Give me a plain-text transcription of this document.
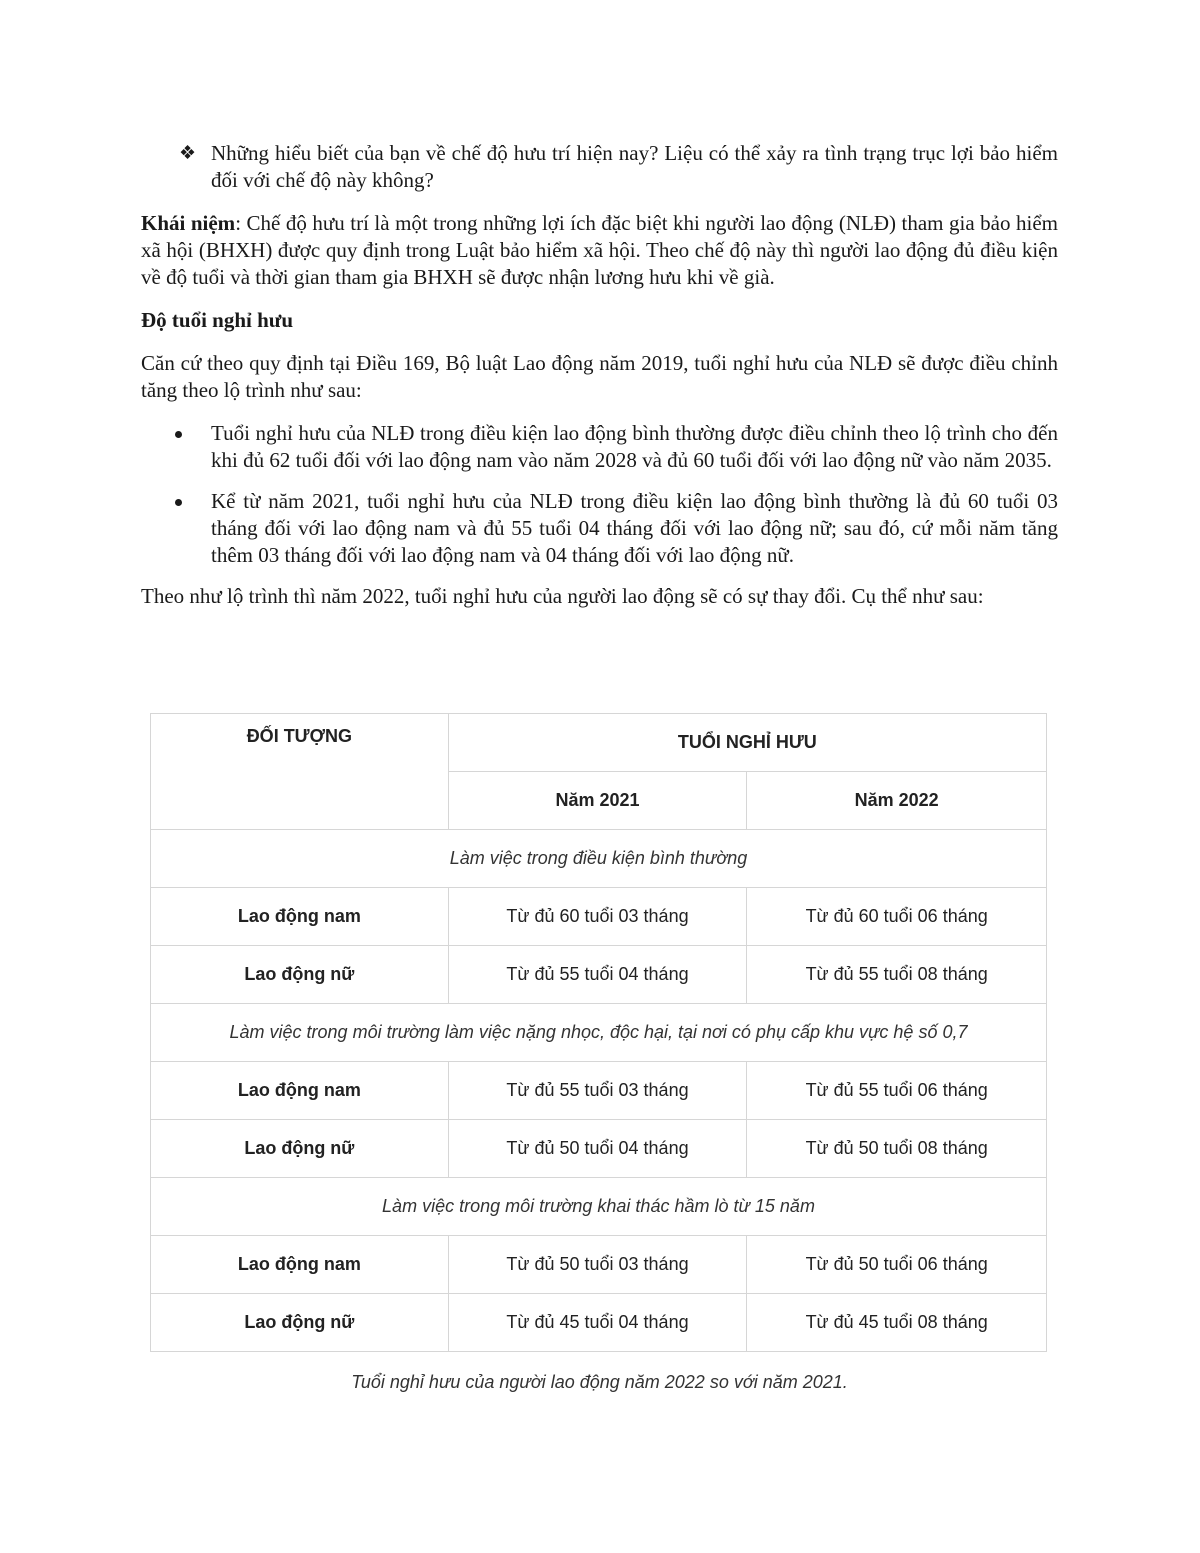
❖ Những hiểu biết của bạn về chế độ hưu trí hiện nay? Liệu có thể xảy ra tình trạng trục lợi bảo hiểm đối với chế độ này không?

Khái niệm: Chế độ hưu trí là một trong những lợi ích đặc biệt khi người lao động (NLĐ) tham gia bảo hiểm xã hội (BHXH) được quy định trong Luật bảo hiểm xã hội. Theo chế độ này thì người lao động đủ điều kiện về độ tuổi và thời gian tham gia BHXH sẽ được nhận lương hưu khi về già.

Độ tuổi nghỉ hưu

Căn cứ theo quy định tại Điều 169, Bộ luật Lao động năm 2019, tuổi nghỉ hưu của NLĐ sẽ được điều chỉnh tăng theo lộ trình như sau:

Tuổi nghỉ hưu của NLĐ trong điều kiện lao động bình thường được điều chỉnh theo lộ trình cho đến khi đủ 62 tuổi đối với lao động nam vào năm 2028 và đủ 60 tuổi đối với lao động nữ vào năm 2035.
Kể từ năm 2021, tuổi nghỉ hưu của NLĐ trong điều kiện lao động bình thường là đủ 60 tuổi 03 tháng đối với lao động nam và đủ 55 tuổi 04 tháng đối với lao động nữ; sau đó, cứ mỗi năm tăng thêm 03 tháng đối với lao động nam và 04 tháng đối với lao động nữ.

Theo như lộ trình thì năm 2022, tuổi nghỉ hưu của người lao động sẽ có sự thay đổi. Cụ thể như sau:

ĐỐI TƯỢNG	TUỔI NGHỈ HƯU	
	Năm 2021	Năm 2022
Làm việc trong điều kiện bình thường		
Lao động nam	Từ đủ 60 tuổi 03 tháng	Từ đủ 60 tuổi 06 tháng
Lao động nữ	Từ đủ 55 tuổi 04 tháng	Từ đủ 55 tuổi 08 tháng
Làm việc trong môi trường làm việc nặng nhọc, độc hại, tại nơi có phụ cấp khu vực hệ số 0,7		
Lao động nam	Từ đủ 55 tuổi 03 tháng	Từ đủ 55 tuổi 06 tháng
Lao động nữ	Từ đủ 50 tuổi 04 tháng	Từ đủ 50 tuổi 08 tháng
Làm việc trong môi trường khai thác hầm lò từ 15 năm		
Lao động nam	Từ đủ 50 tuổi 03 tháng	Từ đủ 50 tuổi 06 tháng
Lao động nữ	Từ đủ 45 tuổi 04 tháng	Từ đủ 45 tuổi 08 tháng
Tuổi nghỉ hưu của người lao động năm 2022 so với năm 2021.
